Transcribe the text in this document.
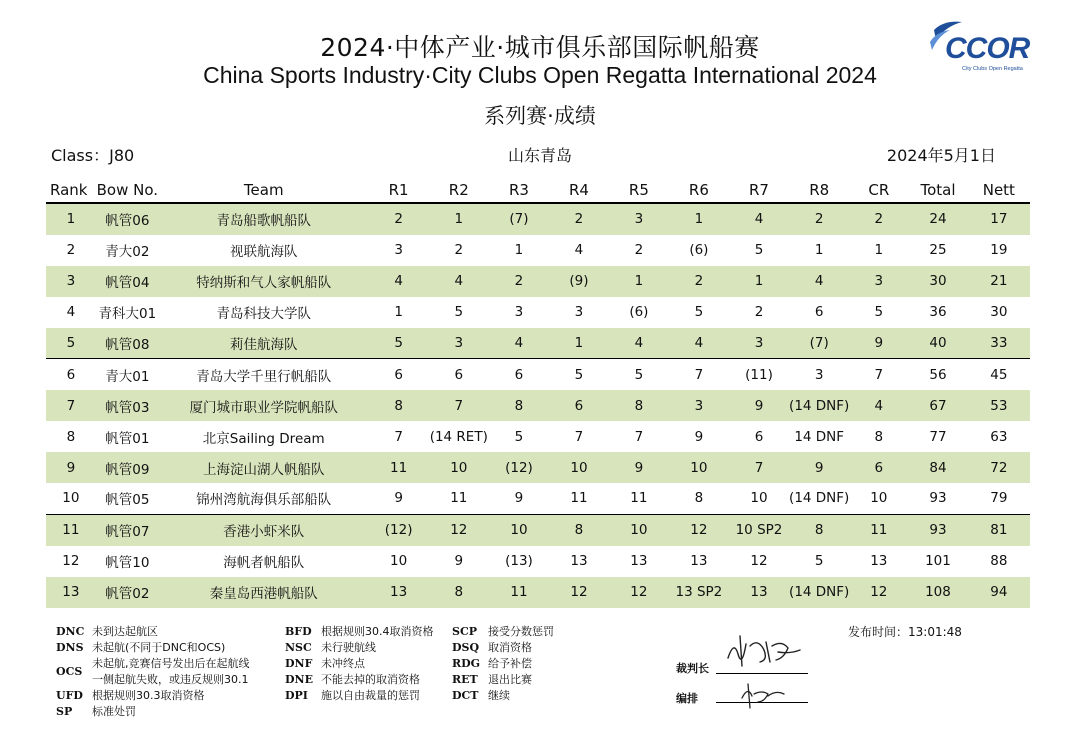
2024·中体产业·城市俱乐部国际帆船赛
China Sports Industry·City Clubs Open Regatta International 2024
系列赛·成绩
CCOR
City Clubs Open Regatta
Class：J80	山东青岛	2024年5月1日
Rank	Bow No.	Team	R1	R2	R3	R4	R5	R6	R7	R8	CR	Total	Nett
1	帆管06	青岛船歌帆船队	2	1	(7)	2	3	1	4	2	2	24	17
2	青大02	视联航海队	3	2	1	4	2	(6)	5	1	1	25	19
3	帆管04	特纳斯和气人家帆船队	4	4	2	(9)	1	2	1	4	3	30	21
4	青科大01	青岛科技大学队	1	5	3	3	(6)	5	2	6	5	36	30
5	帆管08	莉佳航海队	5	3	4	1	4	4	3	(7)	9	40	33
6	青大01	青岛大学千里行帆船队	6	6	6	5	5	7	(11)	3	7	56	45
7	帆管03	厦门城市职业学院帆船队	8	7	8	6	8	3	9	(14 DNF)	4	67	53
8	帆管01	北京Sailing Dream	7	(14 RET)	5	7	7	9	6	14 DNF	8	77	63
9	帆管09	上海淀山湖人帆船队	11	10	(12)	10	9	10	7	9	6	84	72
10	帆管05	锦州湾航海俱乐部船队	9	11	9	11	11	8	10	(14 DNF)	10	93	79
11	帆管07	香港小虾米队	(12)	12	10	8	10	12	10 SP2	8	11	93	81
12	帆管10	海帆者帆船队	10	9	(13)	13	13	13	12	5	13	101	88
13	帆管02	秦皇岛西港帆船队	13	8	11	12	12	13 SP2	13	(14 DNF)	12	108	94
DNC 未到达起航区
DNS 未起航(不同于DNC和OCS)
OCS
未起航,竞赛信号发出后在起航线
一侧起航失败，或违反规则30.1
UFD 根据规则30.3取消资格
SP	标准处罚
BFD 根据规则30.4取消资格
NSC 未行驶航线
DNF 未冲终点
DNE 不能去掉的取消资格
DPI	施以自由裁量的惩罚
SCP	接受分数惩罚
DSQ 取消资格
RDG 给予补偿
RET 退出比赛
DCT 继续
发布时间：13:01:48
裁判长
编排
